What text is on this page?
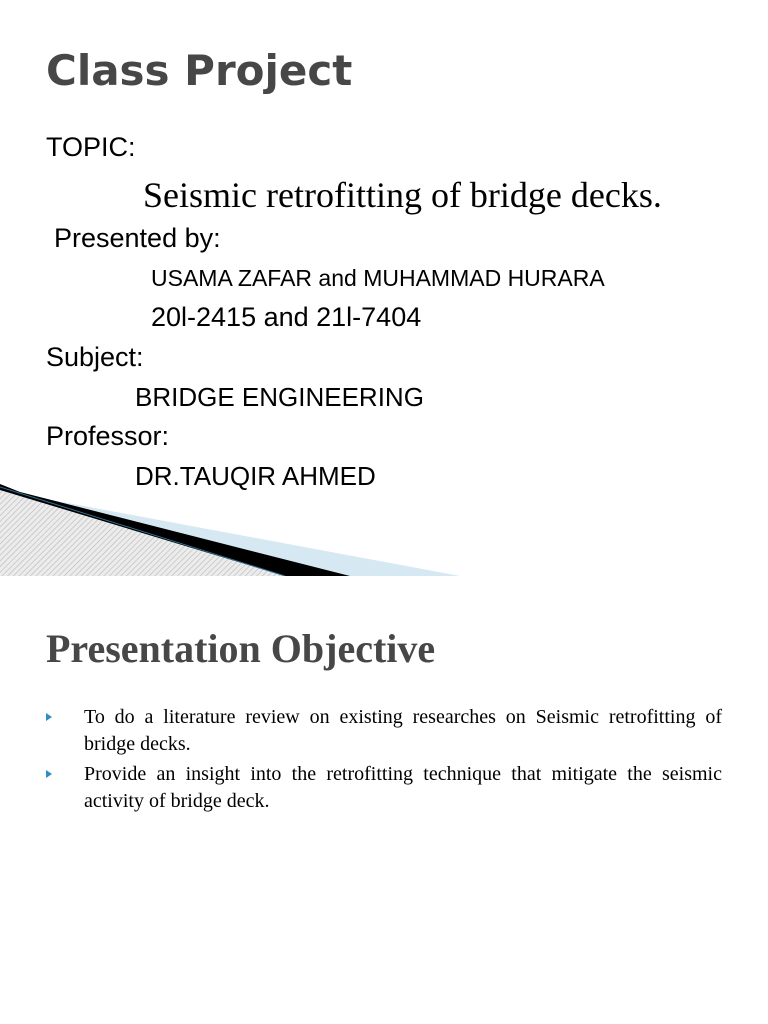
Class Project
TOPIC:
Seismic retrofitting of bridge decks.
Presented by:
USAMA ZAFAR and MUHAMMAD HURARA
20l-2415 and 21l-7404
Subject:
BRIDGE ENGINEERING
Professor:
DR.TAUQIR AHMED
Presentation Objective
To do a literature review on existing researches on Seismic retrofitting of bridge decks.
Provide an insight into the retrofitting technique that mitigate the seismic activity of bridge deck.
